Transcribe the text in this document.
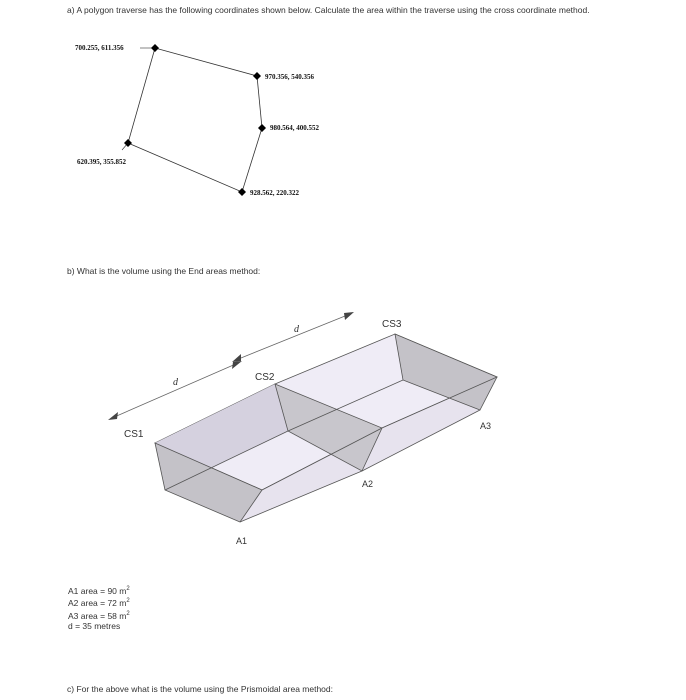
a) A polygon traverse has the following coordinates shown below. Calculate the area within the traverse using the cross coordinate method.
700.255, 611.356
970.356, 540.356
980.564, 400.552
928.562, 220.322
620.395, 355.852
d
d
CS1
CS2
CS3
A1
A2
A3
b) What is the volume using the End areas method:
A1 area = 90 $m^2$
A2 area = 72 $m^2$
A3 area = 58 $m^2$
d = 35 metres
c) For the above what is the volume using the Prismoidal area method:
